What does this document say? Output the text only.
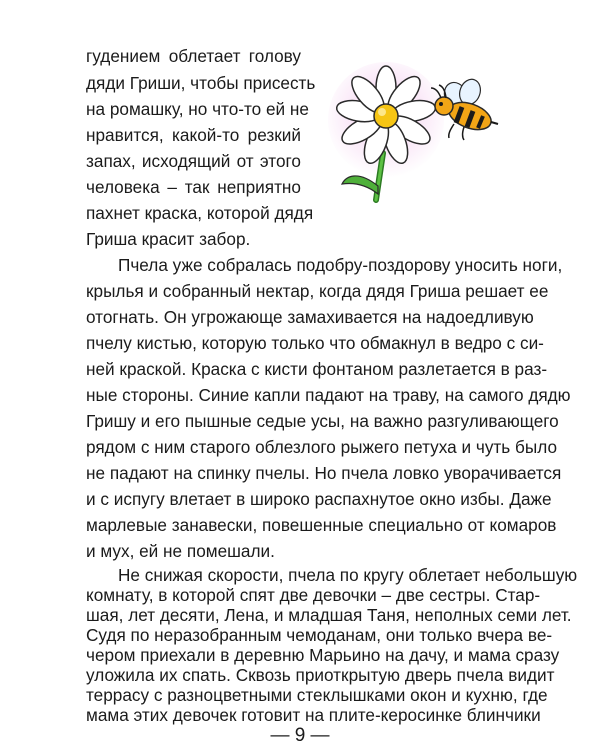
гудением облетает голову
дяди Гриши, чтобы присесть
на ромашку, но что-то ей не
нравится, какой-то резкий
запах, исходящий от этого
человека – так неприятно
пахнет краска, которой дядя
Гриша красит забор.
Пчела уже собралась подобру-поздорову уносить ноги,
крылья и собранный нектар, когда дядя Гриша решает ее
отогнать. Он угрожающе замахивается на надоедливую
пчелу кистью, которую только что обмакнул в ведро с си-
ней краской. Краска с кисти фонтаном разлетается в раз-
ные стороны. Синие капли падают на траву, на самого дядю
Гришу и его пышные седые усы, на важно разгуливающего
рядом с ним старого облезлого рыжего петуха и чуть было
не падают на спинку пчелы. Но пчела ловко уворачивается
и с испугу влетает в широко распахнутое окно избы. Даже
марлевые занавески, повешенные специально от комаров
и мух, ей не помешали.
Не снижая скорости, пчела по кругу облетает небольшую
комнату, в которой спят две девочки – две сестры. Стар-
шая, лет десяти, Лена, и младшая Таня, неполных семи лет.
Судя по неразобранным чемоданам, они только вчера ве-
чером приехали в деревню Марьино на дачу, и мама сразу
уложила их спать. Сквозь приоткрытую дверь пчела видит
террасу с разноцветными стеклышками окон и кухню, где
мама этих девочек готовит на плите-керосинке блинчики
— 9 —
